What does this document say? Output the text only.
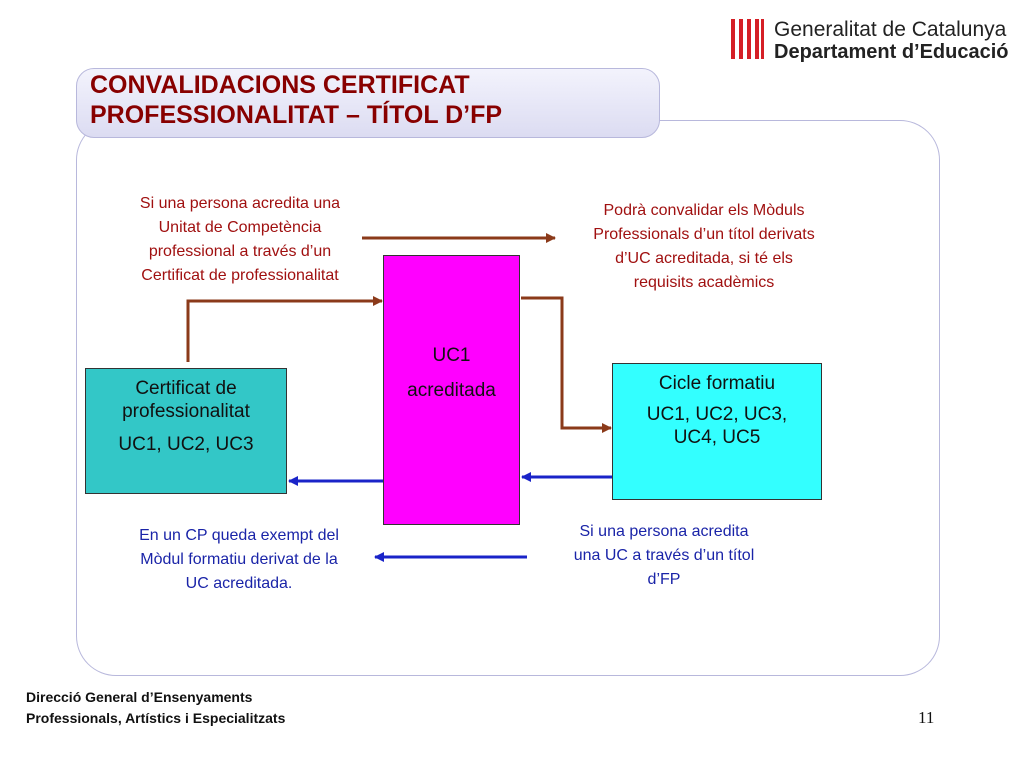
Generalitat de Catalunya
Departament d’Educació
CONVALIDACIONS CERTIFICAT
PROFESSIONALITAT – TÍTOL D’FP
Certificat de
professionalitat
UC1, UC2, UC3
UC1
acreditada	Cicle formatiu
UC1, UC2, UC3,
UC4, UC5
Si una persona acredita una
Unitat de Competència
professional a través d’un
Certificat de professionalitat
Podrà convalidar els Mòduls
Professionals d’un títol derivats
d’UC acreditada, si té els
requisits acadèmics
En un CP queda exempt del
Mòdul formatiu derivat de la
UC acreditada.
Si una persona acredita
una UC a través d’un títol
d’FP
Direcció General d’Ensenyaments
Professionals, Artístics i Especialitzats	11
